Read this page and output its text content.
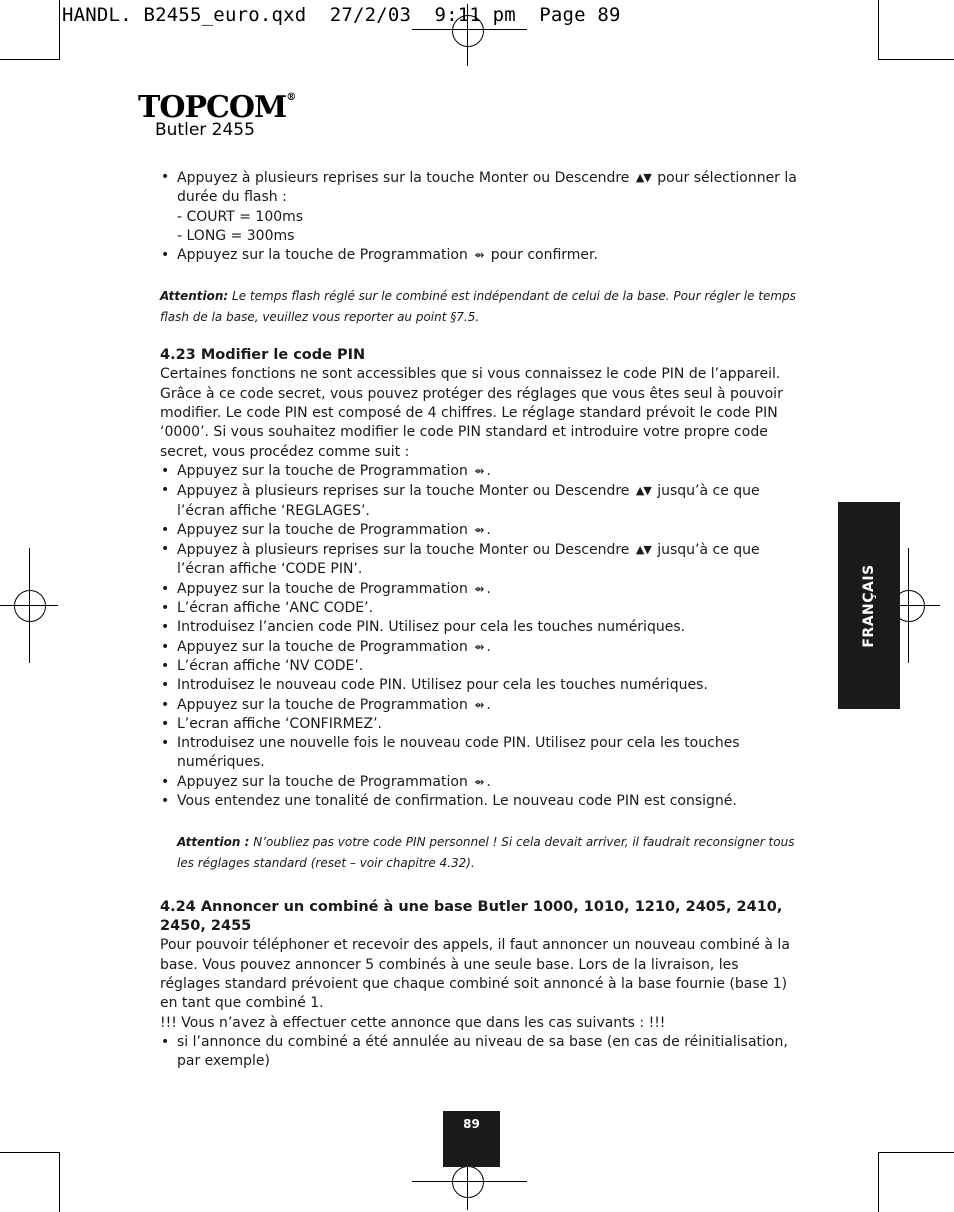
HANDL. B2455_euro.qxd  27/2/03  9:11 pm  Page 89
TOPCOM®
Butler 2455
• Appuyez à plusieurs reprises sur la touche Monter ou Descendre ▲▼ pour sélectionner la durée du flash :
- COURT = 100ms
- LONG = 300ms
• Appuyez sur la touche de Programmation ⇴ pour confirmer.
Attention: Le temps flash réglé sur le combiné est indépendant de celui de la base. Pour régler le temps flash de la base, veuillez vous reporter au point §7.5.
4.23 Modifier le code PIN

Certaines fonctions ne sont accessibles que si vous connaissez le code PIN de l’appareil. Grâce à ce code secret, vous pouvez protéger des réglages que vous êtes seul à pouvoir modifier. Le code PIN est composé de 4 chiffres. Le réglage standard prévoit le code PIN ‘0000’. Si vous souhaitez modifier le code PIN standard et introduire votre propre code secret, vous procédez comme suit :

• Appuyez sur la touche de Programmation ⇴ .
• Appuyez à plusieurs reprises sur la touche Monter ou Descendre ▲▼ jusqu’à ce que l’écran affiche ‘REGLAGES’.
• Appuyez sur la touche de Programmation ⇴ .
• Appuyez à plusieurs reprises sur la touche Monter ou Descendre ▲▼ jusqu’à ce que l’écran affiche ‘CODE PIN’.
• Appuyez sur la touche de Programmation ⇴ .
• L’écran affiche ‘ANC CODE’.
• Introduisez l’ancien code PIN. Utilisez pour cela les touches numériques.
• Appuyez sur la touche de Programmation ⇴ .
• L’écran affiche ‘NV CODE’.
• Introduisez le nouveau code PIN. Utilisez pour cela les touches numériques.
• Appuyez sur la touche de Programmation ⇴ .
• L’ecran affiche ‘CONFIRMEZ’.
• Introduisez une nouvelle fois le nouveau code PIN. Utilisez pour cela les touches numériques.
• Appuyez sur la touche de Programmation ⇴ .
• Vous entendez une tonalité de confirmation. Le nouveau code PIN est consigné.
Attention : N’oubliez pas votre code PIN personnel ! Si cela devait arriver, il faudrait reconsigner tous les réglages standard (reset – voir chapitre 4.32).
4.24 Annoncer un combiné à une base Butler 1000, 1010, 1210, 2405, 2410, 2450, 2455

Pour pouvoir téléphoner et recevoir des appels, il faut annoncer un nouveau combiné à la base. Vous pouvez annoncer 5 combinés à une seule base. Lors de la livraison, les réglages standard prévoient que chaque combiné soit annoncé à la base fournie (base 1) en tant que combiné 1.

!!! Vous n’avez à effectuer cette annonce que dans les cas suivants : !!!

• si l’annonce du combiné a été annulée au niveau de sa base (en cas de réinitialisation, par exemple)
FRANÇAIS
89
